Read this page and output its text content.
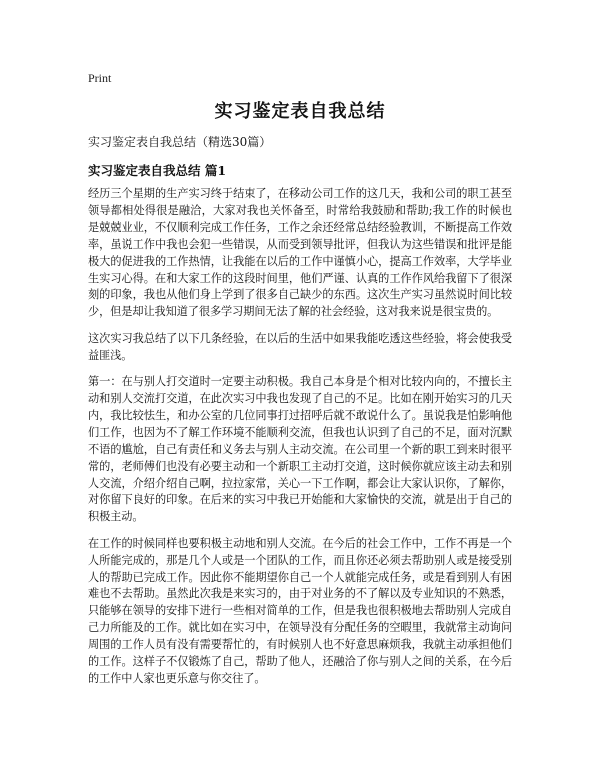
Print
实习鉴定表自我总结
实习鉴定表自我总结（精选30篇）
实习鉴定表自我总结 篇1

经历三个星期的生产实习终于结束了，在移动公司工作的这几天，我和公司的职工甚至领导都相处得很是融洽，大家对我也关怀备至，时常给我鼓励和帮助;我工作的时候也是兢兢业业，不仅顺利完成工作任务，工作之余还经常总结经验教训，不断提高工作效率，虽说工作中我也会犯一些错误，从而受到领导批评，但我认为这些错误和批评是能极大的促进我的工作热情，让我能在以后的工作中谨慎小心，提高工作效率，大学毕业生实习心得。在和大家工作的这段时间里，他们严谨、认真的工作作风给我留下了很深刻的印象，我也从他们身上学到了很多自己缺少的东西。这次生产实习虽然说时间比较少，但是却让我知道了很多学习期间无法了解的社会经验，这对我来说是很宝贵的。

这次实习我总结了以下几条经验，在以后的生活中如果我能吃透这些经验，将会使我受益匪浅。

第一：在与别人打交道时一定要主动积极。我自己本身是个相对比较内向的，不擅长主动和别人交流打交道，在此次实习中我也发现了自己的不足。比如在刚开始实习的几天内，我比较怯生，和办公室的几位同事打过招呼后就不敢说什么了。虽说我是怕影响他们工作，也因为不了解工作环境不能顺利交流，但我也认识到了自己的不足，面对沉默不语的尴尬，自己有责任和义务去与别人主动交流。在公司里一个新的职工到来时很平常的，老师傅们也没有必要主动和一个新职工主动打交道，这时候你就应该主动去和别人交流，介绍介绍自己啊，拉拉家常，关心一下工作啊，都会让大家认识你，了解你，对你留下良好的印象。在后来的实习中我已开始能和大家愉快的交流，就是出于自己的积极主动。

在工作的时候同样也要积极主动地和别人交流。在今后的社会工作中，工作不再是一个人所能完成的，那是几个人或是一个团队的工作，而且你还必须去帮助别人或是接受别人的帮助已完成工作。因此你不能期望你自己一个人就能完成任务，或是看到别人有困难也不去帮助。虽然此次我是来实习的，由于对业务的不了解以及专业知识的不熟悉，只能够在领导的安排下进行一些相对简单的工作，但是我也很积极地去帮助别人完成自己力所能及的工作。就比如在实习中，在领导没有分配任务的空暇里，我就常主动询问周围的工作人员有没有需要帮忙的，有时候别人也不好意思麻烦我，我就主动承担他们的工作。这样子不仅锻炼了自己，帮助了他人，还融洽了你与别人之间的关系，在今后的工作中人家也更乐意与你交往了。
